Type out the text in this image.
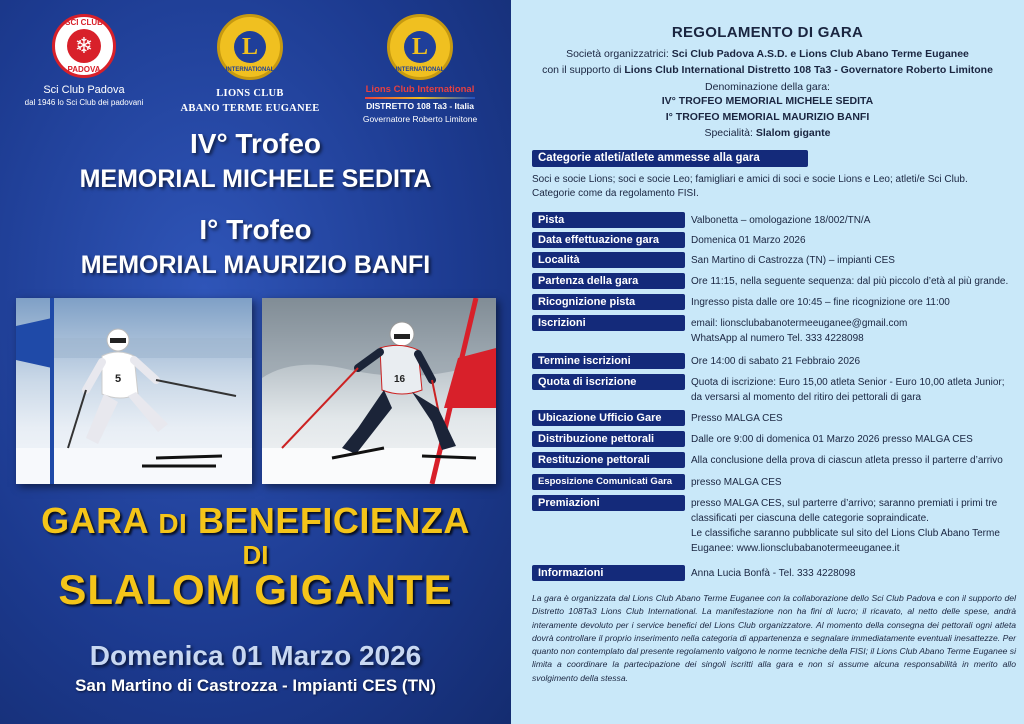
SCI CLUB
❄
PADOVA
Sci Club Padova
dal 1946 lo Sci Club dei padovani
L
INTERNATIONAL
LIONS CLUB
ABANO TERME EUGANEE
L
INTERNATIONAL
Lions Club International
DISTRETTO 108 Ta3 - Italia
Governatore Roberto Limitone
IV° Trofeo
MEMORIAL MICHELE SEDITA
I° Trofeo
MEMORIAL MAURIZIO BANFI
5	16
GARA DI BENEFICIENZA
DI
SLALOM GIGANTE
Domenica 01 Marzo 2026
San Martino di Castrozza - Impianti CES (TN)
REGOLAMENTO DI GARA
Società organizzatrici: Sci Club Padova A.S.D. e Lions Club Abano Terme Euganee
con il supporto di Lions Club International Distretto 108 Ta3 - Governatore Roberto Limitone
Denominazione della gara:
IV° TROFEO MEMORIAL MICHELE SEDITA
I° TROFEO MEMORIAL MAURIZIO BANFI
Specialità: Slalom gigante
Categorie atleti/atlete ammesse alla gara
Soci e socie Lions; soci e socie Leo; famigliari e amici di soci e socie Lions e Leo; atleti/e Sci Club.
Categorie come da regolamento FISI.
Pista	Valbonetta – omologazione 18/002/TN/A
Data effettuazione gara	Domenica 01 Marzo 2026
Località	San Martino di Castrozza (TN) – impianti CES
Partenza della gara	Ore 11:15, nella seguente sequenza: dal più piccolo d’età al più grande.
Ricognizione pista	Ingresso pista dalle ore 10:45 – fine ricognizione ore 11:00
Iscrizioni	email: lionsclubabanotermeeuganee@gmail.com
WhatsApp al numero Tel. 333 4228098
Termine iscrizioni	Ore 14:00 di sabato 21 Febbraio 2026
Quota di iscrizione	Quota di iscrizione: Euro 15,00 atleta Senior - Euro 10,00 atleta Junior;
da versarsi al momento del ritiro dei pettorali di gara
Ubicazione Ufficio Gare	Presso MALGA CES
Distribuzione pettorali	Dalle ore 9:00 di domenica 01 Marzo 2026 presso MALGA CES
Restituzione pettorali	Alla conclusione della prova di ciascun atleta presso il parterre d’arrivo
Esposizione Comunicati Gara	presso MALGA CES
Premiazioni	presso MALGA CES, sul parterre d’arrivo; saranno premiati i primi tre classificati per ciascuna delle categorie sopraindicate.
Le classifiche saranno pubblicate sul sito del Lions Club Abano Terme Euganee: www.lionsclubabanotermeeuganee.it
Informazioni	Anna Lucia Bonfà - Tel. 333 4228098
La gara è organizzata dal Lions Club Abano Terme Euganee con la collaborazione dello Sci Club Padova e con il supporto del Distretto 108Ta3 Lions Club International. La manifestazione non ha fini di lucro; il ricavato, al netto delle spese, andrà interamente devoluto per i service benefici del Lions Club organizzatore. Al momento della consegna dei pettorali ogni atleta dovrà controllare il proprio inserimento nella categoria di appartenenza e segnalare immediatamente eventuali inesattezze. Per quanto non contemplato dal presente regolamento valgono le norme tecniche della FISI; il Lions Club Abano Terme Euganee si limita a coordinare la partecipazione dei singoli iscritti alla gara e non si assume alcuna responsabilità in merito allo svolgimento della stessa.
